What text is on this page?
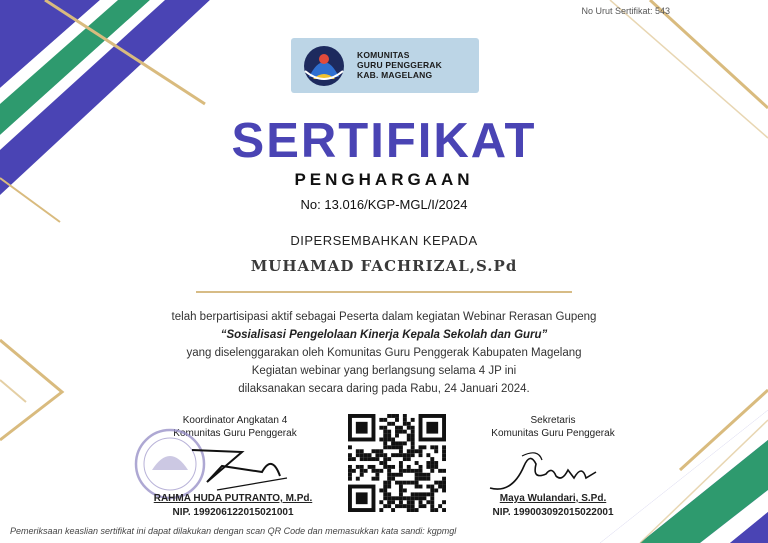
No Urut Sertifikat: 543
KOMUNITAS
GURU PENGGERAK
KAB. MAGELANG
SERTIFIKAT
PENGHARGAAN
No: 13.016/KGP-MGL/I/2024
DIPERSEMBAHKAN KEPADA
MUHAMAD FACHRIZAL,S.Pd
telah berpartisipasi aktif sebagai Peserta dalam kegiatan Webinar Rerasan Gupeng
“Sosialisasi Pengelolaan Kinerja Kepala Sekolah dan Guru”
yang diselenggarakan oleh Komunitas Guru Penggerak Kabupaten Magelang
Kegiatan webinar yang berlangsung selama 4 JP ini
dilaksanakan secara daring pada Rabu, 24 Januari 2024.
Koordinator Angkatan 4
Komunitas Guru Penggerak
RAHMA HUDA PUTRANTO, M.Pd.
NIP. 199206122015021001
Sekretaris
Komunitas Guru Penggerak
Maya Wulandari, S.Pd.
NIP. 199003092015022001
Pemeriksaan keaslian sertifikat ini dapat dilakukan dengan scan QR Code dan memasukkan kata sandi: kgpmgl
